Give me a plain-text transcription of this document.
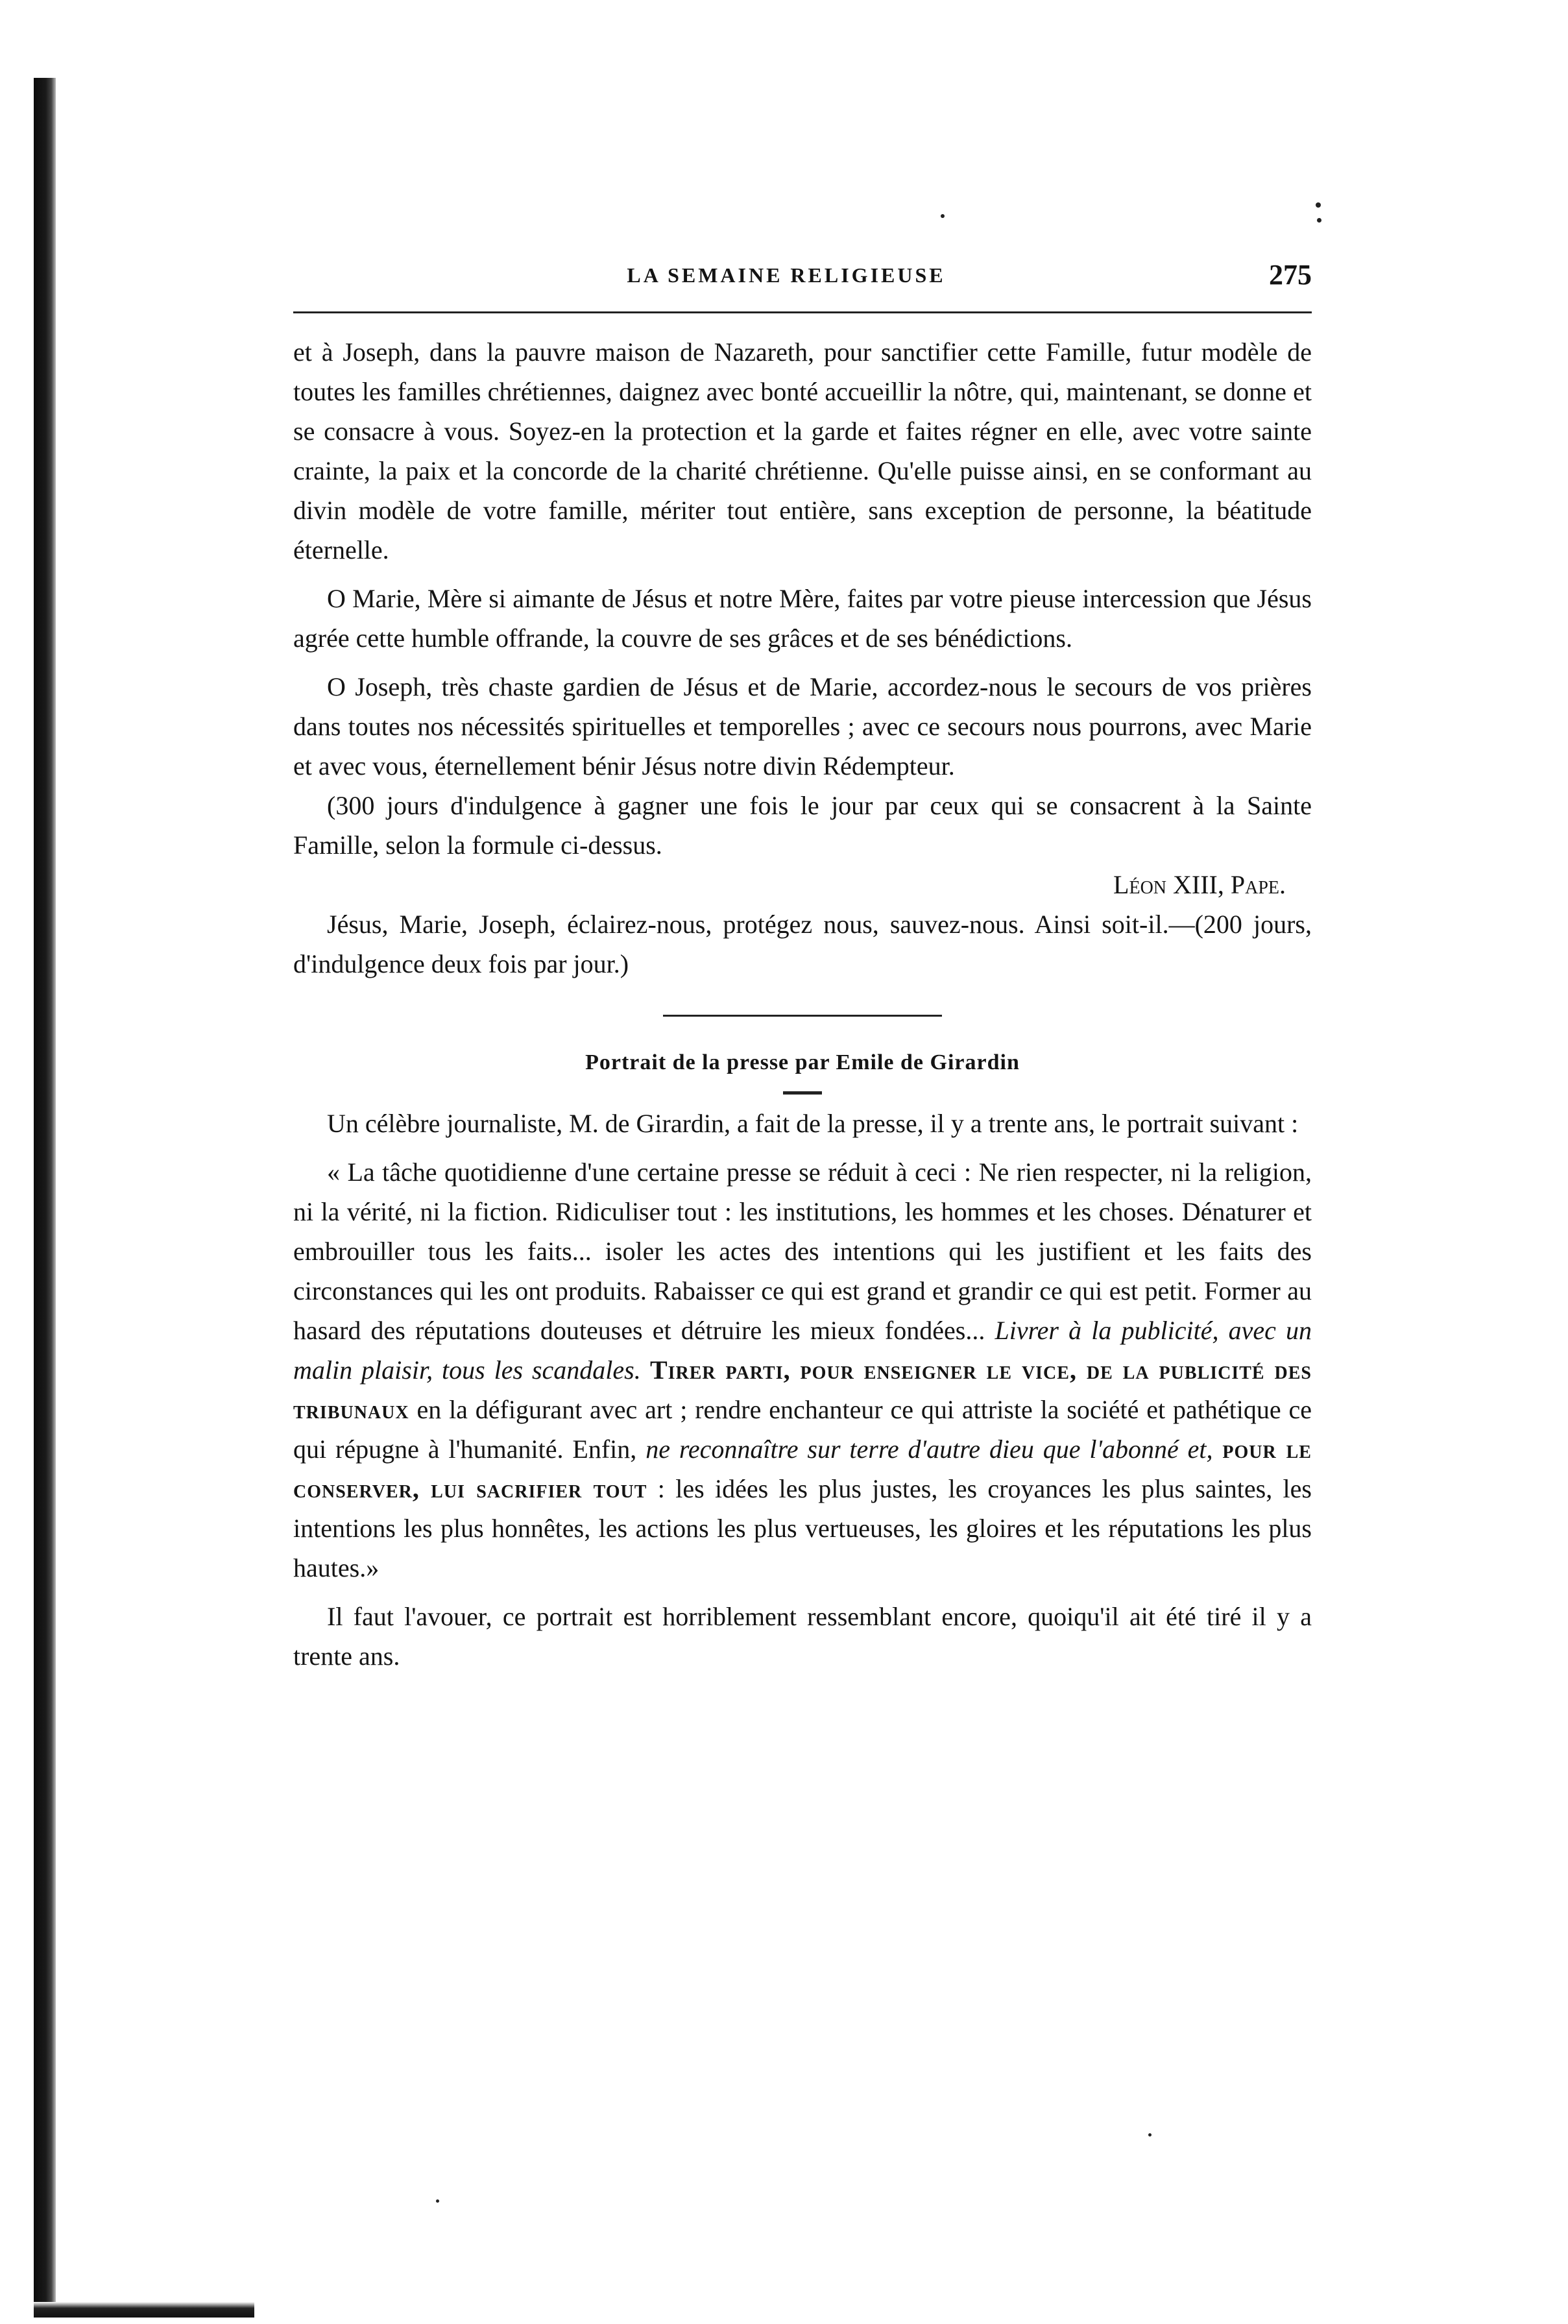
LA SEMAINE RELIGIEUSE	275

et à Joseph, dans la pauvre maison de Nazareth, pour sanctifier cette Famille, futur modèle de toutes les familles chrétiennes, daignez avec bonté accueillir la nôtre, qui, maintenant, se donne et se consacre à vous. Soyez-en la protection et la garde et faites régner en elle, avec votre sainte crainte, la paix et la concorde de la charité chrétienne. Qu'elle puisse ainsi, en se conformant au divin modèle de votre famille, mériter tout entière, sans exception de personne, la béatitude éternelle.

O Marie, Mère si aimante de Jésus et notre Mère, faites par votre pieuse intercession que Jésus agrée cette humble offrande, la couvre de ses grâces et de ses bénédictions.

O Joseph, très chaste gardien de Jésus et de Marie, accordez-nous le secours de vos prières dans toutes nos nécessités spirituelles et temporelles ; avec ce secours nous pourrons, avec Marie et avec vous, éternellement bénir Jésus notre divin Rédempteur.

(300 jours d'indulgence à gagner une fois le jour par ceux qui se consacrent à la Sainte Famille, selon la formule ci-dessus.

Léon XIII, Pape.

Jésus, Marie, Joseph, éclairez-nous, protégez nous, sauvez-nous. Ainsi soit-il.—(200 jours, d'indulgence deux fois par jour.)

Portrait de la presse par Emile de Girardin

Un célèbre journaliste, M. de Girardin, a fait de la presse, il y a trente ans, le portrait suivant :

« La tâche quotidienne d'une certaine presse se réduit à ceci : Ne rien respecter, ni la religion, ni la vérité, ni la fiction. Ridiculiser tout : les institutions, les hommes et les choses. Dénaturer et embrouiller tous les faits... isoler les actes des intentions qui les justifient et les faits des circonstances qui les ont produits. Rabaisser ce qui est grand et grandir ce qui est petit. Former au hasard des réputations douteuses et détruire les mieux fondées... Livrer à la publicité, avec un malin plaisir, tous les scandales. Tirer parti, pour enseigner le vice, de la publicité des tribunaux en la défigurant avec art ; rendre enchanteur ce qui attriste la société et pathétique ce qui répugne à l'humanité. Enfin, ne reconnaître sur terre d'autre dieu que l'abonné et, pour le conserver, lui sacrifier tout : les idées les plus justes, les croyances les plus saintes, les intentions les plus honnêtes, les actions les plus vertueuses, les gloires et les réputations les plus hautes.»

Il faut l'avouer, ce portrait est horriblement ressemblant encore, quoiqu'il ait été tiré il y a trente ans.
